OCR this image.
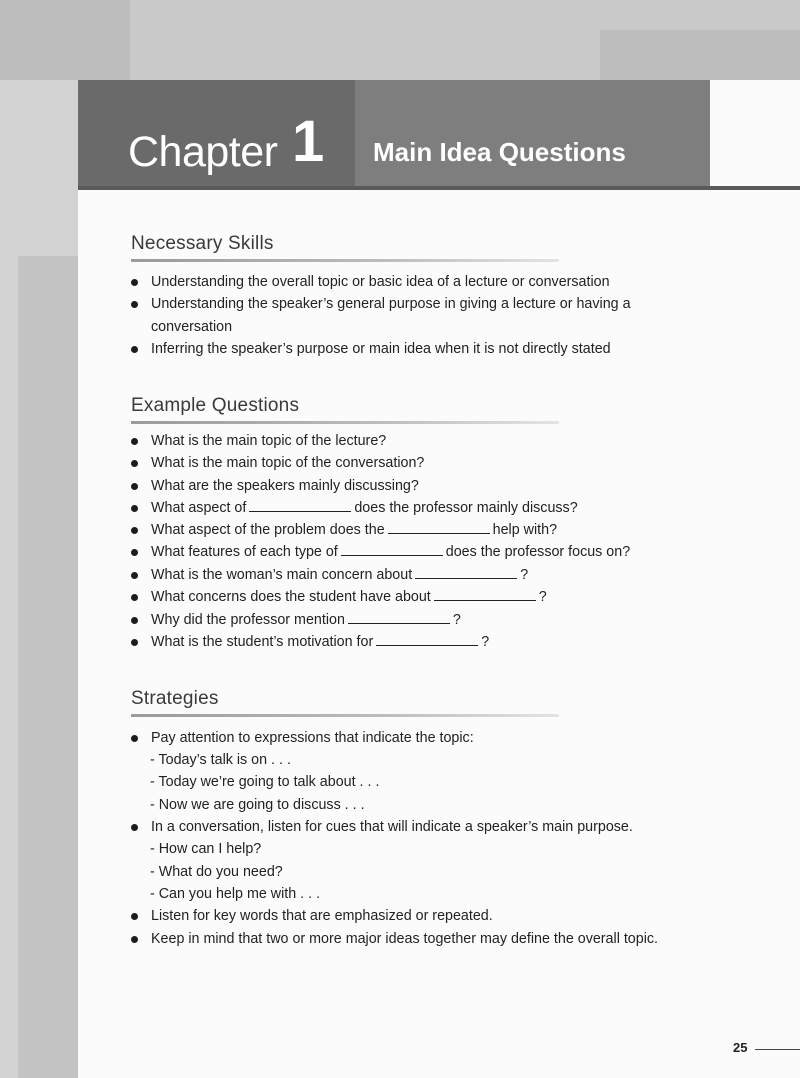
Chapter 1 Main Idea Questions
Necessary Skills
Understanding the overall topic or basic idea of a lecture or conversation
Understanding the speaker’s general purpose in giving a lecture or having a
conversation
Inferring the speaker’s purpose or main idea when it is not directly stated
Example Questions
What is the main topic of the lecture?
What is the main topic of the conversation?
What are the speakers mainly discussing?
What aspect of	does the professor mainly discuss?
What aspect of the problem does the	help with?
What features of each type of	does the professor focus on?
What is the woman’s main concern about	?
What concerns does the student have about	?
Why did the professor mention	?
What is the student’s motivation for	?
Strategies
Pay attention to expressions that indicate the topic:
- Today’s talk is on . . .
- Today we’re going to talk about . . .
- Now we are going to discuss . . .
In a conversation, listen for cues that will indicate a speaker’s main purpose.
- How can I help?
- What do you need?
- Can you help me with . . .
Listen for key words that are emphasized or repeated.
Keep in mind that two or more major ideas together may define the overall topic.
25
